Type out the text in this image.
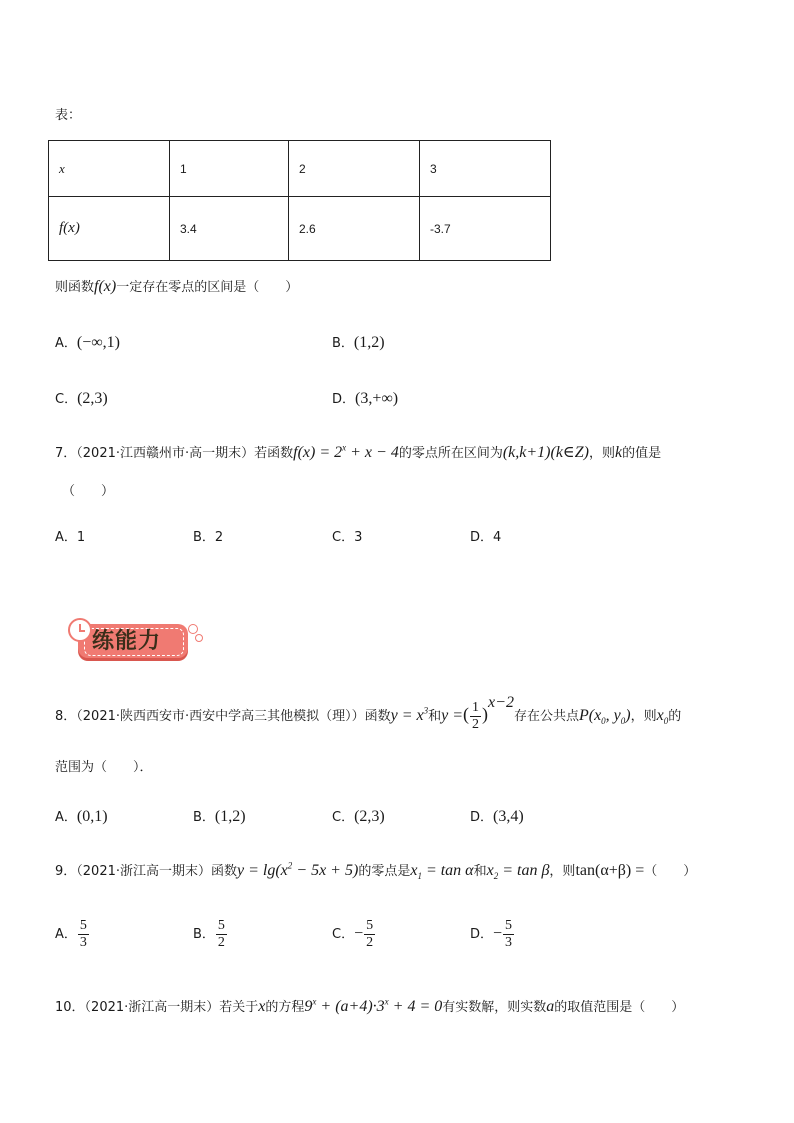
表：
x	1	2	3
f(x)	3.4	2.6	-3.7
则函数f(x)一定存在零点的区间是（　　）
A．(−∞,1)	B．(1,2)
C．(2,3)	D．(3,+∞)
7．（2021·江西赣州市·高一期末）若函数$f(x) = 2^x + x - 4$的零点所在区间为(k,k+1)(k∈Z)，则k的值是
（　　）
A．1	B．2	C．3	D．4
练能力
8．（2021·陕西西安市·西安中学高三其他模拟（理））函数$y = x^3$和y =( $\frac{1}{2} )^{x-2}$存在公共点$P(x_0$, $y_0$)，则$x_0$的
范围为（　　）．
A．(0,1)	B．(1,2)	C．(2,3)	D．(3,4)
9．（2021·浙江高一期末）函数$y = \lg(x^2 - 5x + 5)$的零点是$x_1 = \tan \alpha$和$x_2 = \tan \beta$，则tan(α+β) =（　　）
A． $\frac{5}{3}$	B． $\frac{5}{2}$	C．− $\frac{5}{2}$	D．− $\frac{5}{3}$
10．（2021·浙江高一期末）若关于x的方程$9^x + (a+4)\cdot 3^x + 4 = 0$有实数解，则实数a的取值范围是（　　）
